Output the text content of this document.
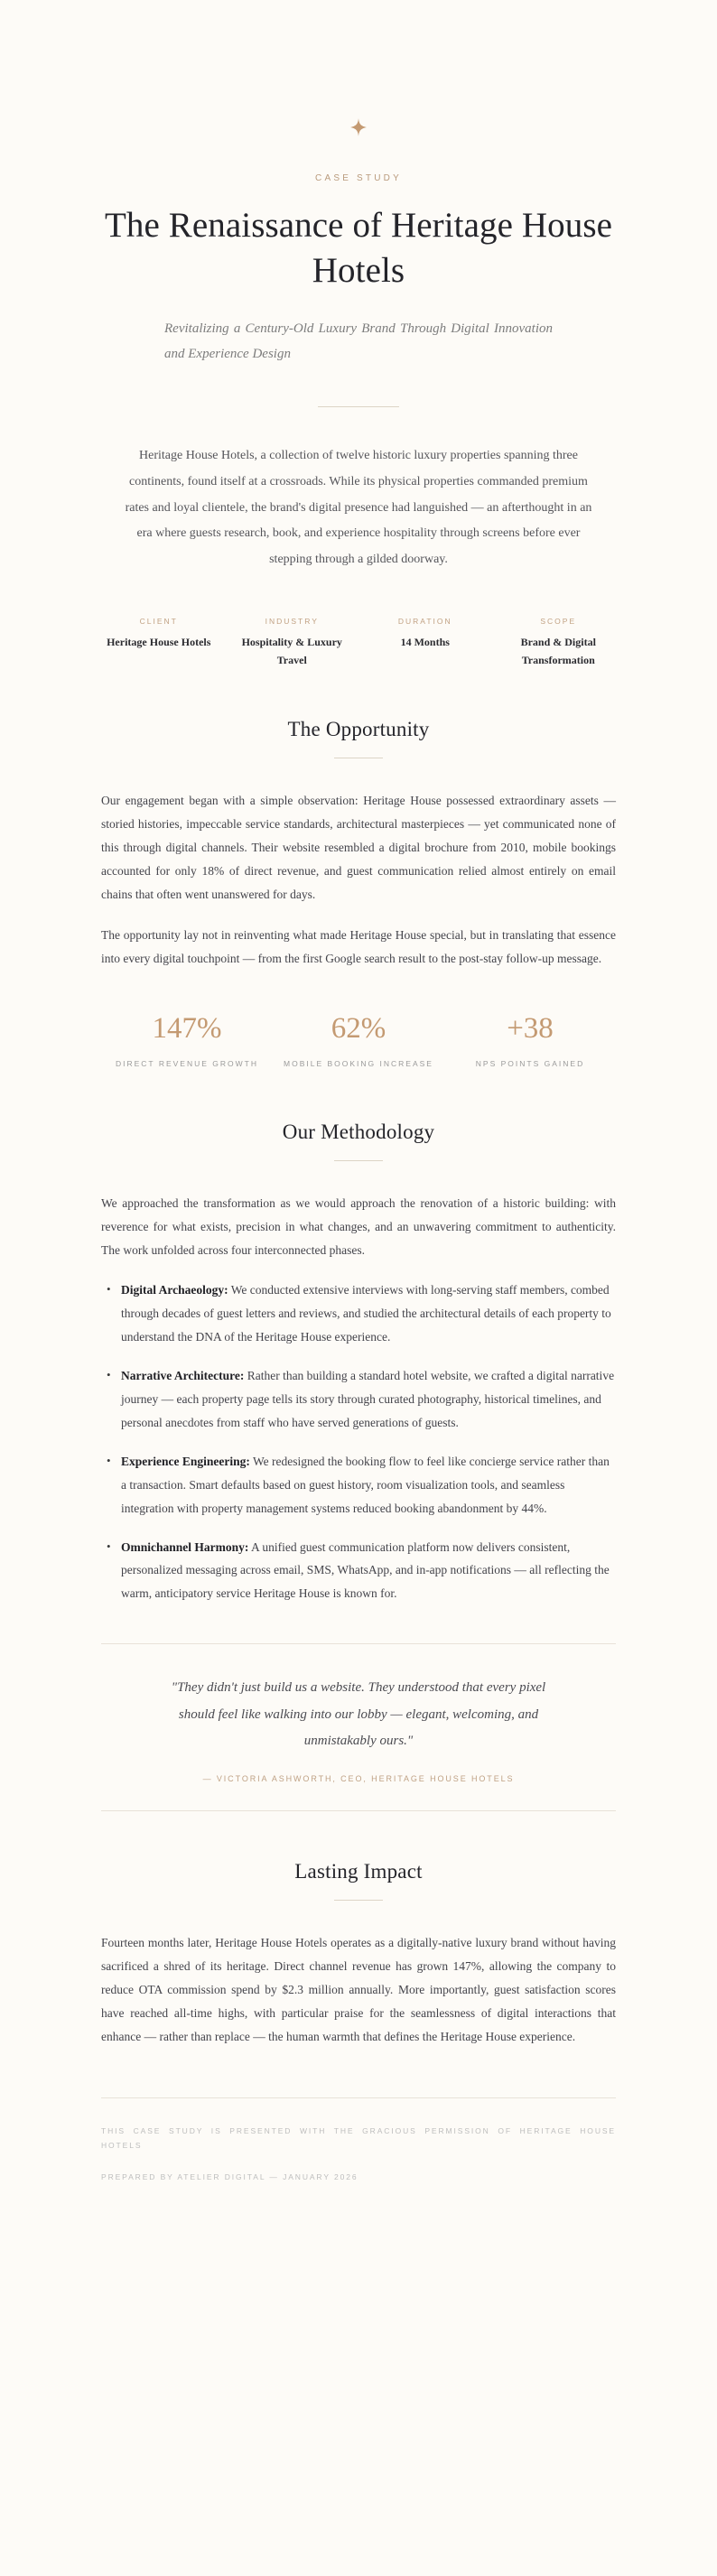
CASE STUDY
The Renaissance of Heritage House Hotels

Revitalizing a Century-Old Luxury Brand Through Digital Innovation and Experience Design

Heritage House Hotels, a collection of twelve historic luxury properties spanning three continents, found itself at a crossroads. While its physical properties commanded premium rates and loyal clientele, the brand's digital presence had languished — an afterthought in an era where guests research, book, and experience hospitality through screens before ever stepping through a gilded doorway.

CLIENT
Heritage House Hotels
INDUSTRY
Hospitality & Luxury Travel
DURATION
14 Months
SCOPE
Brand & Digital Transformation
The Opportunity

Our engagement began with a simple observation: Heritage House possessed extraordinary assets — storied histories, impeccable service standards, architectural masterpieces — yet communicated none of this through digital channels. Their website resembled a digital brochure from 2010, mobile bookings accounted for only 18% of direct revenue, and guest communication relied almost entirely on email chains that often went unanswered for days.

The opportunity lay not in reinventing what made Heritage House special, but in translating that essence into every digital touchpoint — from the first Google search result to the post-stay follow-up message.

147%
DIRECT REVENUE GROWTH
62%
MOBILE BOOKING INCREASE
+38
NPS POINTS GAINED
Our Methodology

We approached the transformation as we would approach the renovation of a historic building: with reverence for what exists, precision in what changes, and an unwavering commitment to authenticity. The work unfolded across four interconnected phases.

• Digital Archaeology: We conducted extensive interviews with long-serving staff members, combed through decades of guest letters and reviews, and studied the architectural details of each property to understand the DNA of the Heritage House experience.
• Narrative Architecture: Rather than building a standard hotel website, we crafted a digital narrative journey — each property page tells its story through curated photography, historical timelines, and personal anecdotes from staff who have served generations of guests.
• Experience Engineering: We redesigned the booking flow to feel like concierge service rather than a transaction. Smart defaults based on guest history, room visualization tools, and seamless integration with property management systems reduced booking abandonment by 44%.
• Omnichannel Harmony: A unified guest communication platform now delivers consistent, personalized messaging across email, SMS, WhatsApp, and in-app notifications — all reflecting the warm, anticipatory service Heritage House is known for.

"They didn't just build us a website. They understood that every pixel should feel like walking into our lobby — elegant, welcoming, and unmistakably ours."

— VICTORIA ASHWORTH, CEO, HERITAGE HOUSE HOTELS
Lasting Impact

Fourteen months later, Heritage House Hotels operates as a digitally-native luxury brand without having sacrificed a shred of its heritage. Direct channel revenue has grown 147%, allowing the company to reduce OTA commission spend by $2.3 million annually. More importantly, guest satisfaction scores have reached all-time highs, with particular praise for the seamlessness of digital interactions that enhance — rather than replace — the human warmth that defines the Heritage House experience.

THIS CASE STUDY IS PRESENTED WITH THE GRACIOUS PERMISSION OF HERITAGE HOUSE HOTELS
PREPARED BY ATELIER DIGITAL — JANUARY 2026
